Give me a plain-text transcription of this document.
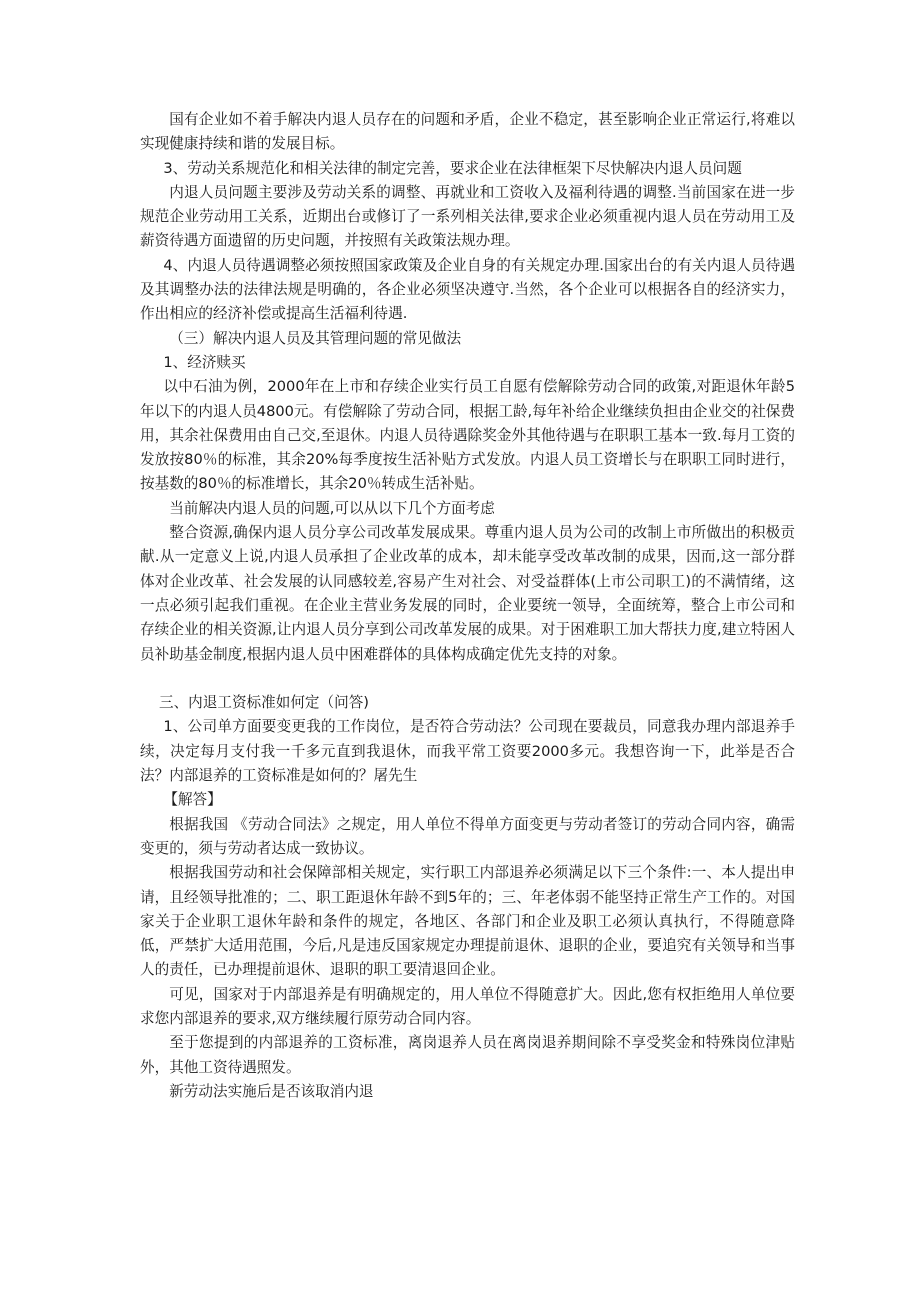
国有企业如不着手解决内退人员存在的问题和矛盾，企业不稳定，甚至影响企业正常运行,将难以实现健康持续和谐的发展目标。

3、劳动关系规范化和相关法律的制定完善，要求企业在法律框架下尽快解决内退人员问题

内退人员问题主要涉及劳动关系的调整、再就业和工资收入及福利待遇的调整.当前国家在进一步规范企业劳动用工关系，近期出台或修订了一系列相关法律,要求企业必须重视内退人员在劳动用工及薪资待遇方面遗留的历史问题，并按照有关政策法规办理。

4、内退人员待遇调整必须按照国家政策及企业自身的有关规定办理.国家出台的有关内退人员待遇及其调整办法的法律法规是明确的，各企业必须坚决遵守.当然，各个企业可以根据各自的经济实力，作出相应的经济补偿或提高生活福利待遇.

（三）解决内退人员及其管理问题的常见做法

1、经济赎买

以中石油为例，2000年在上市和存续企业实行员工自愿有偿解除劳动合同的政策,对距退休年龄5年以下的内退人员4800元。有偿解除了劳动合同，根据工龄,每年补给企业继续负担由企业交的社保费用，其余社保费用由自己交,至退休。内退人员待遇除奖金外其他待遇与在职职工基本一致.每月工资的发放按80％的标准，其余20%每季度按生活补贴方式发放。内退人员工资增长与在职职工同时进行，按基数的80％的标准增长，其余20％转成生活补贴。

当前解决内退人员的问题,可以从以下几个方面考虑

整合资源,确保内退人员分享公司改革发展成果。尊重内退人员为公司的改制上市所做出的积极贡献.从一定意义上说,内退人员承担了企业改革的成本，却未能享受改革改制的成果，因而,这一部分群体对企业改革、社会发展的认同感较差,容易产生对社会、对受益群体(上市公司职工)的不满情绪，这一点必须引起我们重视。在企业主营业务发展的同时，企业要统一领导，全面统筹，整合上市公司和存续企业的相关资源,让内退人员分享到公司改革发展的成果。对于困难职工加大帮扶力度,建立特困人员补助基金制度,根据内退人员中困难群体的具体构成确定优先支持的对象。

三、内退工资标准如何定（问答)

1、公司单方面要变更我的工作岗位，是否符合劳动法？公司现在要裁员，同意我办理内部退养手续，决定每月支付我一千多元直到我退休，而我平常工资要2000多元。我想咨询一下，此举是否合法？内部退养的工资标准是如何的？屠先生

【解答】

根据我国 《劳动合同法》之规定，用人单位不得单方面变更与劳动者签订的劳动合同内容，确需变更的，须与劳动者达成一致协议。

根据我国劳动和社会保障部相关规定，实行职工内部退养必须满足以下三个条件:一、本人提出申请，且经领导批准的；二、职工距退休年龄不到5年的；三、年老体弱不能坚持正常生产工作的。对国家关于企业职工退休年龄和条件的规定，各地区、各部门和企业及职工必须认真执行，不得随意降低，严禁扩大适用范围，今后,凡是违反国家规定办理提前退休、退职的企业，要追究有关领导和当事人的责任，已办理提前退休、退职的职工要清退回企业。

可见，国家对于内部退养是有明确规定的，用人单位不得随意扩大。因此,您有权拒绝用人单位要求您内部退养的要求,双方继续履行原劳动合同内容。

至于您提到的内部退养的工资标准，离岗退养人员在离岗退养期间除不享受奖金和特殊岗位津贴外，其他工资待遇照发。

新劳动法实施后是否该取消内退
